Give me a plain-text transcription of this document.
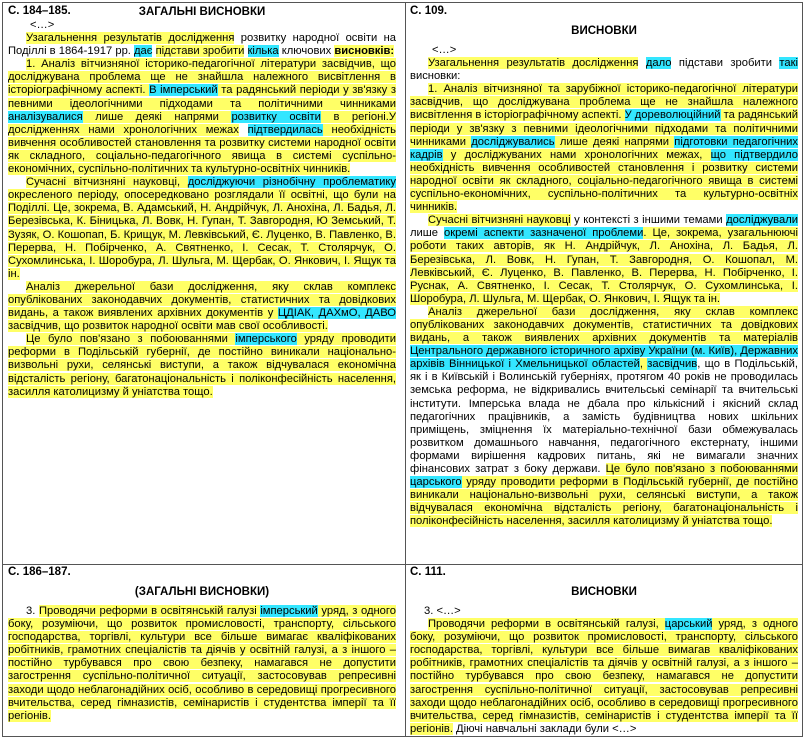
С. 184–185.	ЗАГАЛЬНІ ВИСНОВКИ
<…>

Узагальнення результатів дослідження розвитку народної освіти на Поділлі в 1864-1917 рр. дає підстави зробити кілька ключових висновків:

1. Аналіз вітчизняної історико-педагогічної літератури засвідчив, що досліджувана проблема ще не знайшла належного висвітлення в історіографічному аспекті. В імперський та радянський періоди у зв'язку з певними ідеологічними підходами та політичними чинниками аналізувалися лише деякі напрями розвитку освіти в регіоні.У дослідженнях нами хронологічних межах підтвердилась необхідність вивчення особливостей становлення та розвитку системи народної освіти як складного, соціально-педагогічного явища в системі суспільно-економічних, суспільно-політичних та культурно-освітніх чинників.

Сучасні вітчизняні науковці, досліджуючи різнобічну проблематику окресленого періоду, опосередковано розглядали її освітні, що були на Поділлі. Це, зокрема, В. Адамський, Н. Андрійчук, Л. Анохіна, Л. Бадья, Л. Березівська, К. Біницька, Л. Вовк, Н. Гупан, Т. Завгородня, Ю Земський, Т. Зузяк, О. Кошопап, Б. Крищук, М. Левківський, Є. Луценко, В. Павленко, В. Перерва, Н. Побірченко, А. Святненко, І. Сесак, Т. Столярчук, О. Сухомлинська, І. Шоробура, Л. Шульга, М. Щербак, О. Янкович, І. Ящук та ін.

Аналіз джерельної бази дослідження, яку склав комплекс опублікованих законодавчих документів, статистичних та довідкових видань, а також виявлених архівних документів у ЦДІАК, ДАХмО, ДАВО засвідчив, що розвиток народної освіти мав свої особливості.

Це було пов'язано з побоюваннями імперського уряду проводити реформи в Подільській губернії, де постійно виникали національно-визвольні рухи, селянські виступи, а також відчувалася економічна відсталість регіону, багатонаціональність і поліконфесійність населення, засилля католицизму й уніатства тощо.

С. 109.
ВИСНОВКИ
<…>

Узагальнення результатів дослідження дало підстави зробити такі висновки:

1. Аналіз вітчизняної та зарубіжної історико-педагогічної літератури засвідчив, що досліджувана проблема ще не знайшла належного висвітлення в історіографічному аспекті. У дореволюційний та радянський періоди у зв'язку з певними ідеологічними підходами та політичними чинниками досліджувались лише деякі напрями підготовки педагогічних кадрів у досліджуваних нами хронологічних межах, що підтвердило необхідність вивчення особливостей становлення і розвитку системи народної освіти як складного, соціально-педагогічного явища в системі суспільно-економічних, суспільно-політичних та культурно-освітніх чинників.

Сучасні вітчизняні науковці у контексті з іншими темами досліджували лише окремі аспекти зазначеної проблеми. Це, зокрема, узагальнюючі роботи таких авторів, як Н. Андрійчук, Л. Анохіна, Л. Бадья, Л. Березівська, Л. Вовк, Н. Гупан, Т. Завгородня, О. Кошопал, М. Левківський, Є. Луценко, В. Павленко, В. Перерва, Н. Побірченко, І. Руснак, А. Святненко, І. Сесак, Т. Столярчук, О. Сухомлинська, І. Шоробура, Л. Шульга, М. Щербак, О. Янкович, І. Ящук та ін.

Аналіз джерельної бази дослідження, яку склав комплекс опублікованих законодавчих документів, статистичних та довідкових видань, а також виявлених архівних документів та матеріалів Центрального державного історичного архіву України (м. Київ), Державних архівів Вінницької і Хмельницької областей, засвідчив, що в Подільській, як і в Київській і Волинській губерніях, протягом 40 років не проводилась земська реформа, не відкривались вчительські семінарії та вчительські інститути. Імперська влада не дбала про кількісний і якісний склад педагогічних працівників, а замість будівництва нових шкільних приміщень, зміцнення їх матеріально-технічної бази обмежувалась розвитком домашнього навчання, педагогічного екстернату, іншими формами вирішення кадрових питань, які не вимагали значних фінансових затрат з боку держави. Це було пов'язано з побоюваннями царського уряду проводити реформи в Подільській губернії, де постійно виникали національно-визвольні рухи, селянські виступи, а також відчувалася економічна відсталість регіону, багатонаціональність і поліконфесійність населення, засилля католицизму й уніатства тощо.

С. 186–187.
(ЗАГАЛЬНІ ВИСНОВКИ)

3. Проводячи реформи в освітянській галузі імперський уряд, з одного боку, розуміючи, що розвиток промисловості, транспорту, сільського господарства, торгівлі, культури все більше вимагає кваліфікованих робітників, грамотних спеціалістів та діячів у освітній галузі, а з іншого – постійно турбувався про свою безпеку, намагався не допустити загострення суспільно-політичної ситуації, застосовував репресивні заходи щодо неблагонадійних осіб, особливо в середовищі прогресивного вчительства, серед гімназистів, семінаристів і студентства імперії та її регіонів.

С. 111.
ВИСНОВКИ
3. <…>

Проводячи реформи в освітянській галузі, царський уряд, з одного боку, розуміючи, що розвиток промисловості, транспорту, сільського господарства, торгівлі, культури все більше вимагав кваліфікованих робітників, грамотних спеціалістів та діячів у освітній галузі, а з іншого – постійно турбувався про свою безпеку, намагався не допустити загострення суспільно-політичної ситуації, застосовував репресивні заходи щодо неблагонадійних осіб, особливо в середовищі прогресивного вчительства, серед гімназистів, семінаристів і студентства імперії та її регіонів. Діючі навчальні заклади були <…>
